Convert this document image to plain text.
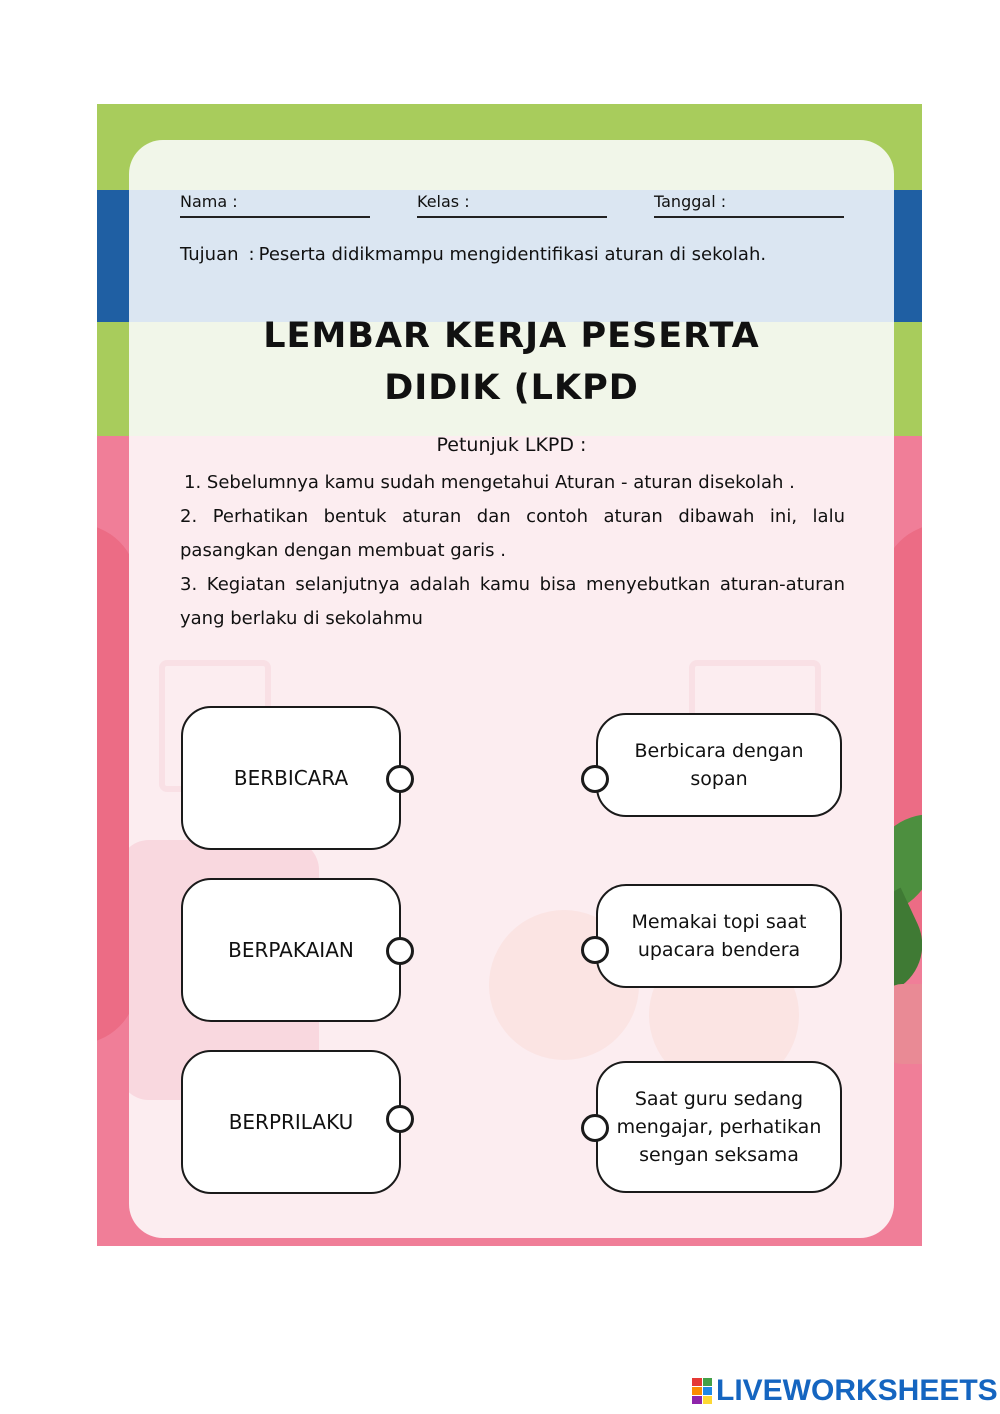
Nama :	Kelas :	Tanggal :
Tujuan : Peserta didikmampu mengidentifikasi aturan di sekolah.
LEMBAR KERJA PESERTA
DIDIK (LKPD
Petunjuk LKPD :

1. Sebelumnya kamu sudah mengetahui Aturan - aturan disekolah .

2. Perhatikan bentuk aturan dan contoh aturan dibawah ini, lalu pasangkan dengan membuat garis .

3. Kegiatan selanjutnya adalah kamu bisa menyebutkan aturan-aturan yang berlaku di sekolahmu

BERBICARA
BERPAKAIAN
BERPRILAKU
Berbicara dengan
sopan
Memakai topi saat
upacara bendera
Saat guru sedang
mengajar, perhatikan
sengan seksama
LIVEWORKSHEETS
